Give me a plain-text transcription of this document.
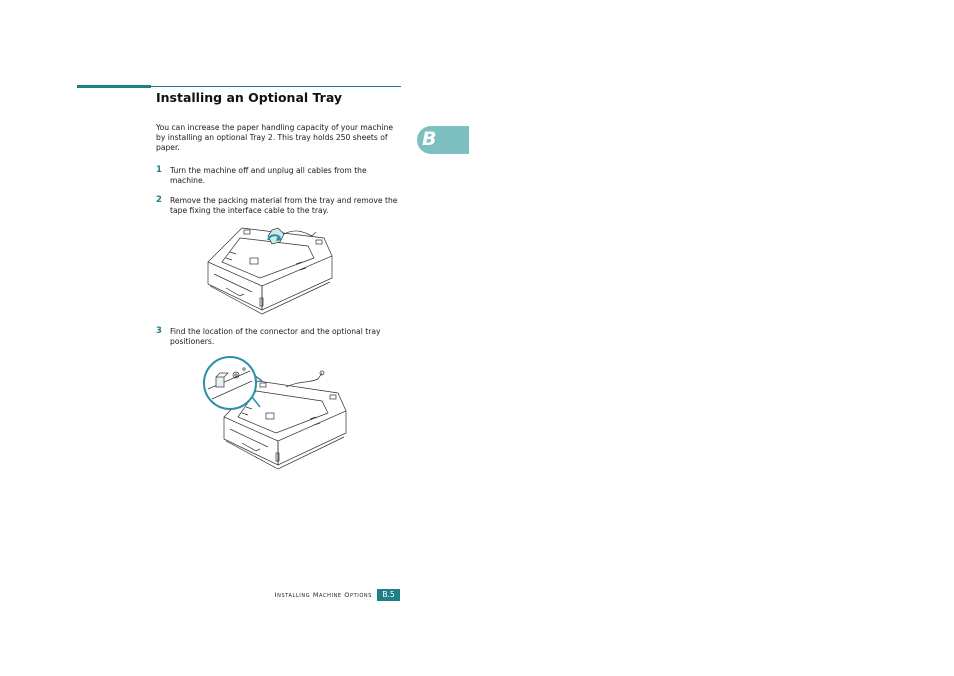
Installing an Optional Tray
B

You can increase the paper handling capacity of your machine by installing an optional Tray 2. This tray holds 250 sheets of paper.

1 Turn the machine off and unplug all cables from the machine.
2 Remove the packing material from the tray and remove the tape fixing the interface cable to the tray.
3 Find the location of the connector and the optional tray positioners.
Installing Machine Options	B.5
